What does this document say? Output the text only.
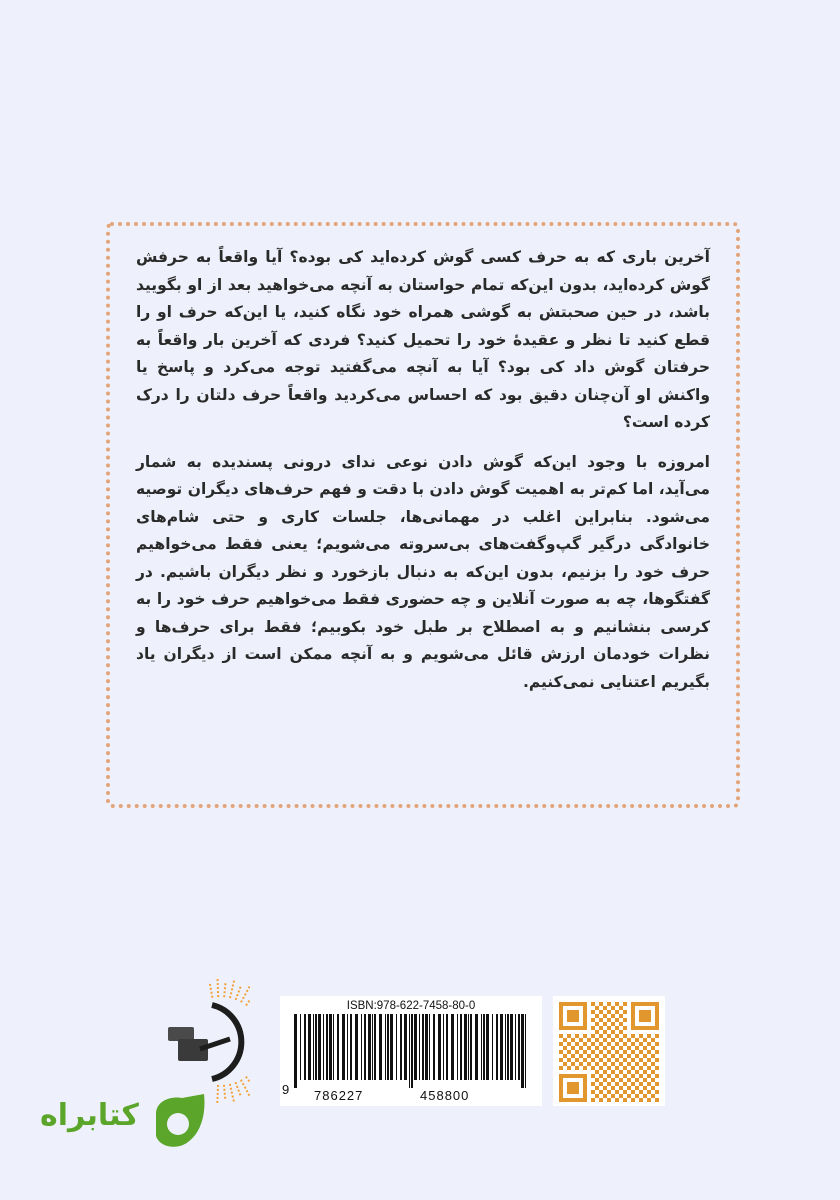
آخرین باری که به حرف کسی گوش کرده‌اید کی بوده؟ آیا واقعاً به حرفش گوش کرده‌اید، بدون این‌که تمام حواستان به آنچه می‌خواهید بعد از او بگویید باشد، در حین صحبتش به گوشی همراه خود نگاه کنید، یا این‌که حرف او را قطع کنید تا نظر و عقیدهٔ خود را تحمیل کنید؟ فردی که آخرین بار واقعاً به حرفتان گوش داد کی بود؟ آیا به آنچه می‌گفتید توجه می‌کرد و پاسخ یا واکنش او آن‌چنان دقیق بود که احساس می‌کردید واقعاً حرف دلتان را درک کرده است؟

امروزه با وجود این‌که گوش دادن نوعی ندای درونی پسندیده به شمار می‌آید، اما کم‌تر به اهمیت گوش دادن با دقت و فهم حرف‌های دیگران توصیه می‌شود. بنابراین اغلب در مهمانی‌ها، جلسات کاری و حتی شام‌های خانوادگی درگیر گپ‌وگفت‌های بی‌سروته می‌شویم؛ یعنی فقط می‌خواهیم حرف خود را بزنیم، بدون این‌که به دنبال بازخورد و نظر دیگران باشیم. در گفتگوها، چه به صورت آنلاین و چه حضوری فقط می‌خواهیم حرف خود را به کرسی بنشانیم و به اصطلاح بر طبل خود بکوبیم؛ فقط برای حرف‌ها و نظرات خودمان ارزش قائل می‌شویم و به آنچه ممکن است از دیگران یاد بگیریم اعتنایی نمی‌کنیم.

ISBN:978-622-7458-80-0
9 786227	458800
کتابراه
